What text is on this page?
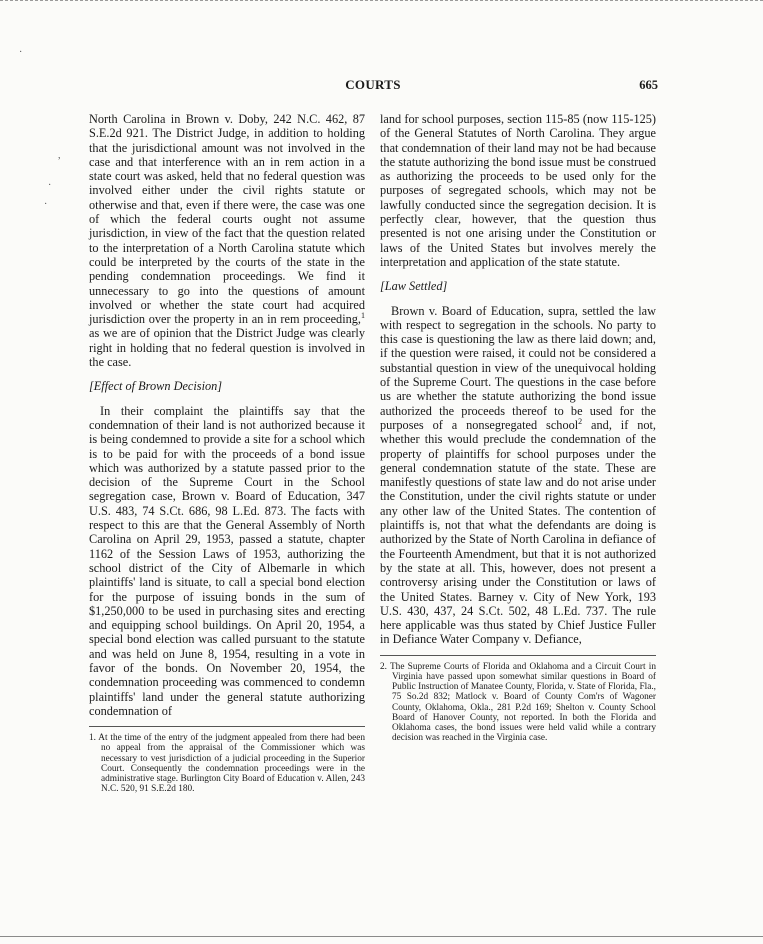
COURTS	665
·
,
·
·

North Carolina in Brown v. Doby, 242 N.C. 462, 87 S.E.2d 921. The District Judge, in addition to holding that the jurisdictional amount was not involved in the case and that interference with an in rem action in a state court was asked, held that no federal question was involved either under the civil rights statute or otherwise and that, even if there were, the case was one of which the federal courts ought not assume jurisdiction, in view of the fact that the question related to the interpretation of a North Carolina statute which could be interpreted by the courts of the state in the pending condemnation proceedings. We find it unnecessary to go into the questions of amount involved or whether the state court had acquired jurisdiction over the property in an in rem proceeding,$^1$ as we are of opinion that the District Judge was clearly right in holding that no federal question is involved in the case.

[Effect of Brown Decision]

In their complaint the plaintiffs say that the condemnation of their land is not authorized because it is being condemned to provide a site for a school which is to be paid for with the proceeds of a bond issue which was authorized by a statute passed prior to the decision of the Supreme Court in the School segregation case, Brown v. Board of Education, 347 U.S. 483, 74 S.Ct. 686, 98 L.Ed. 873. The facts with respect to this are that the General Assembly of North Carolina on April 29, 1953, passed a statute, chapter 1162 of the Session Laws of 1953, authorizing the school district of the City of Albemarle in which plaintiffs' land is situate, to call a special bond election for the purpose of issuing bonds in the sum of $1,250,000 to be used in purchasing sites and erecting and equipping school buildings. On April 20, 1954, a special bond election was called pursuant to the statute and was held on June 8, 1954, resulting in a vote in favor of the bonds. On November 20, 1954, the condemnation proceeding was commenced to condemn plaintiffs' land under the general statute authorizing condemnation of

1. At the time of the entry of the judgment appealed from there had been no appeal from the appraisal of the Commissioner which was necessary to vest jurisdiction of a judicial proceeding in the Superior Court. Consequently the condemnation proceedings were in the administrative stage. Burlington City Board of Education v. Allen, 243 N.C. 520, 91 S.E.2d 180.

land for school purposes, section 115-85 (now 115-125) of the General Statutes of North Carolina. They argue that condemnation of their land may not be had because the statute authorizing the bond issue must be construed as authorizing the proceeds to be used only for the purposes of segregated schools, which may not be lawfully conducted since the segregation decision. It is perfectly clear, however, that the question thus presented is not one arising under the Constitution or laws of the United States but involves merely the interpretation and application of the state statute.

[Law Settled]

Brown v. Board of Education, supra, settled the law with respect to segregation in the schools. No party to this case is questioning the law as there laid down; and, if the question were raised, it could not be considered a substantial question in view of the unequivocal holding of the Supreme Court. The questions in the case before us are whether the statute authorizing the bond issue authorized the proceeds thereof to be used for the purposes of a nonsegregated school$^2$ and, if not, whether this would preclude the condemnation of the property of plaintiffs for school purposes under the general condemnation statute of the state. These are manifestly questions of state law and do not arise under the Constitution, under the civil rights statute or under any other law of the United States. The contention of plaintiffs is, not that what the defendants are doing is authorized by the State of North Carolina in defiance of the Fourteenth Amendment, but that it is not authorized by the state at all. This, however, does not present a controversy arising under the Constitution or laws of the United States. Barney v. City of New York, 193 U.S. 430, 437, 24 S.Ct. 502, 48 L.Ed. 737. The rule here applicable was thus stated by Chief Justice Fuller in Defiance Water Company v. Defiance,

2. The Supreme Courts of Florida and Oklahoma and a Circuit Court in Virginia have passed upon somewhat similar questions in Board of Public Instruction of Manatee County, Florida, v. State of Florida, Fla., 75 So.2d 832; Matlock v. Board of County Com'rs of Wagoner County, Oklahoma, Okla., 281 P.2d 169; Shelton v. County School Board of Hanover County, not reported. In both the Florida and Oklahoma cases, the bond issues were held valid while a contrary decision was reached in the Virginia case.
